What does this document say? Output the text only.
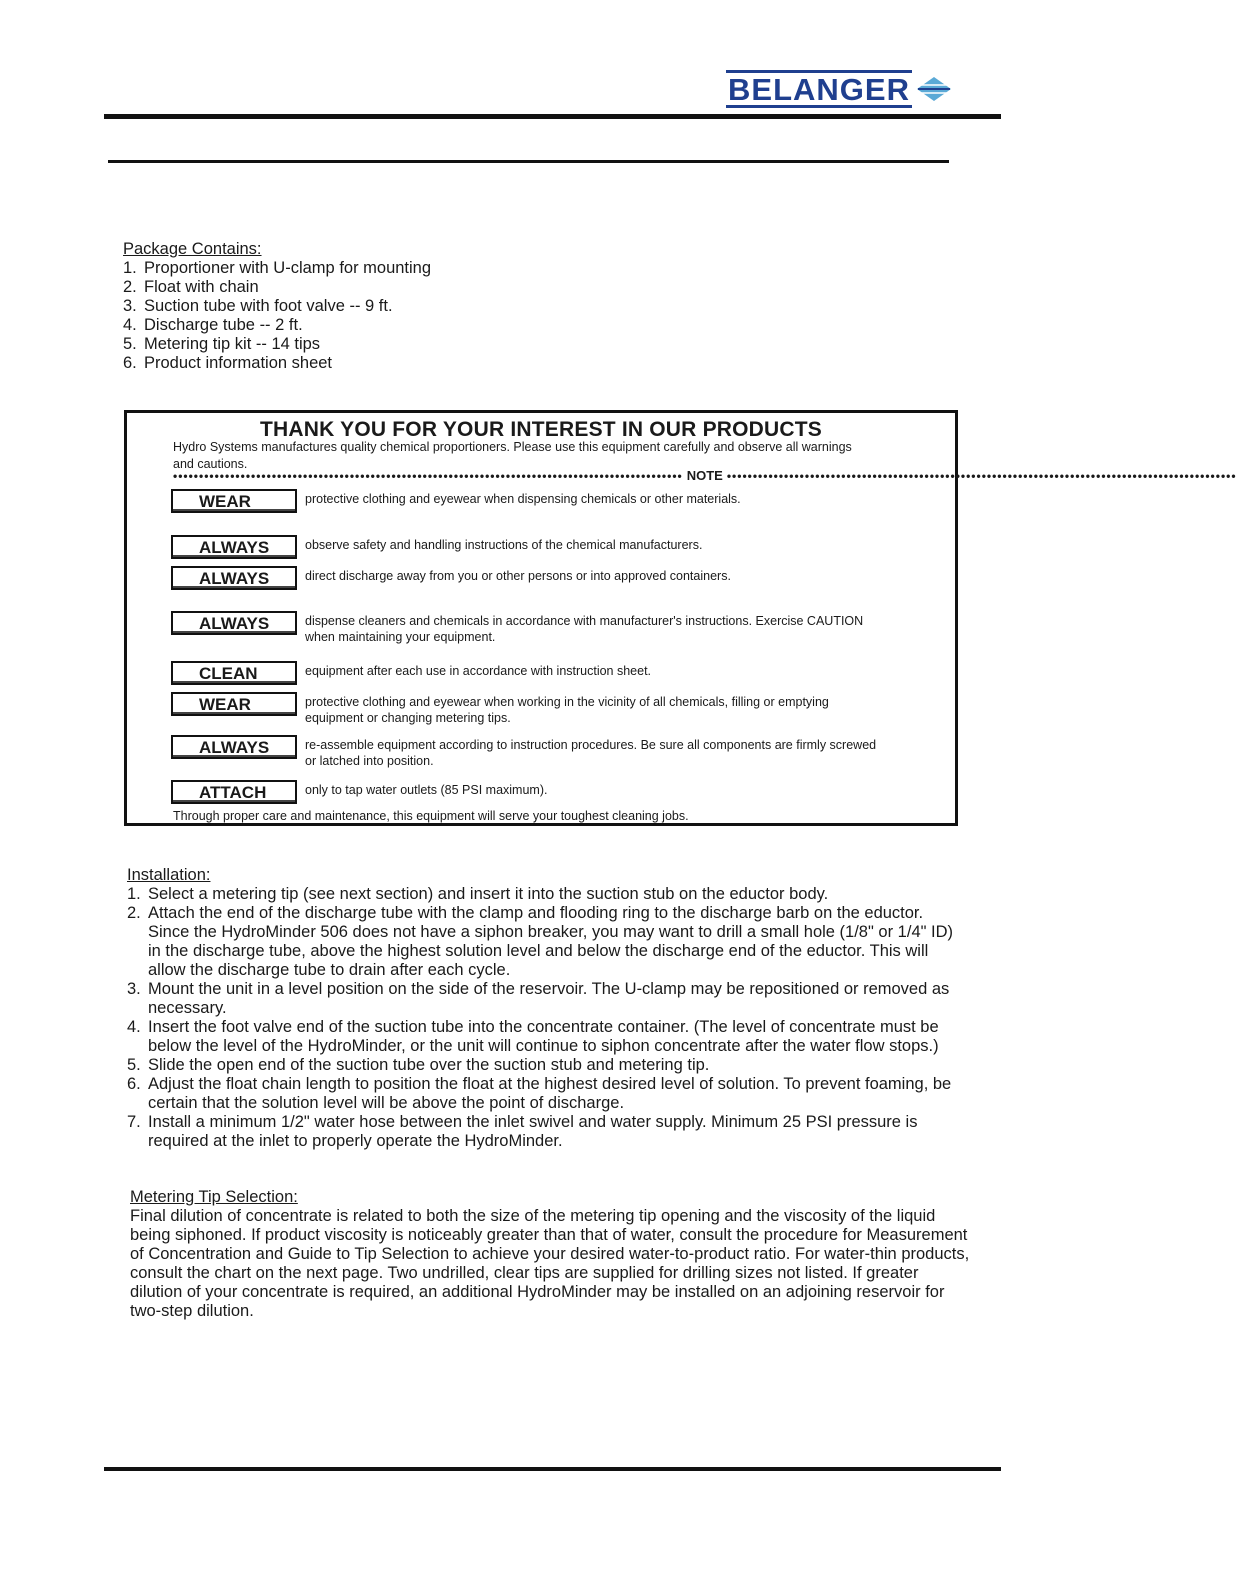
BELANGER
Package Contains:
1. Proportioner with U-clamp for mounting
2. Float with chain
3. Suction tube with foot valve -- 9 ft.
4. Discharge tube -- 2 ft.
5. Metering tip kit -- 14 tips
6. Product information sheet
THANK YOU FOR YOUR INTEREST IN OUR PRODUCTS
Hydro Systems manufactures quality chemical proportioners. Please use this equipment carefully and observe all warnings and cautions.
•••••••••••••••••••••••••••••••••••••••••••••••••••••••••••••••••••••••••••••••••••••••••••••••••• NOTE ••••••••••••••••••••••••••••••••••••••••••••••••••••••••••••••••••••••••••••••••••••••••••••••••••
WEAR	protective clothing and eyewear when dispensing chemicals or other materials.
ALWAYS	observe safety and handling instructions of the chemical manufacturers.
ALWAYS	direct discharge away from you or other persons or into approved containers.
ALWAYS	dispense cleaners and chemicals in accordance with manufacturer's instructions. Exercise CAUTION when maintaining your equipment.
CLEAN	equipment after each use in accordance with instruction sheet.
WEAR	protective clothing and eyewear when working in the vicinity of all chemicals, filling or emptying equipment or changing metering tips.
ALWAYS	re-assemble equipment according to instruction procedures. Be sure all components are firmly screwed or latched into position.
ATTACH	only to tap water outlets (85 PSI maximum).
Through proper care and maintenance, this equipment will serve your toughest cleaning jobs.
Installation:
1. Select a metering tip (see next section) and insert it into the suction stub on the eductor body.
2. Attach the end of the discharge tube with the clamp and flooding ring to the discharge barb on the eductor. Since the HydroMinder 506 does not have a siphon breaker, you may want to drill a small hole (1/8" or 1/4" ID) in the discharge tube, above the highest solution level and below the discharge end of the eductor. This will allow the discharge tube to drain after each cycle.
3. Mount the unit in a level position on the side of the reservoir. The U-clamp may be repositioned or removed as necessary.
4. Insert the foot valve end of the suction tube into the concentrate container. (The level of concentrate must be below the level of the HydroMinder, or the unit will continue to siphon concentrate after the water flow stops.)
5. Slide the open end of the suction tube over the suction stub and metering tip.
6. Adjust the float chain length to position the float at the highest desired level of solution. To prevent foaming, be certain that the solution level will be above the point of discharge.
7. Install a minimum 1/2" water hose between the inlet swivel and water supply. Minimum 25 PSI pressure is required at the inlet to properly operate the HydroMinder.
Metering Tip Selection:

Final dilution of concentrate is related to both the size of the metering tip opening and the viscosity of the liquid being siphoned. If product viscosity is noticeably greater than that of water, consult the procedure for Measurement of Concentration and Guide to Tip Selection to achieve your desired water-to-product ratio. For water-thin products, consult the chart on the next page. Two undrilled, clear tips are supplied for drilling sizes not listed. If greater dilution of your concentrate is required, an additional HydroMinder may be installed on an adjoining reservoir for two-step dilution.
